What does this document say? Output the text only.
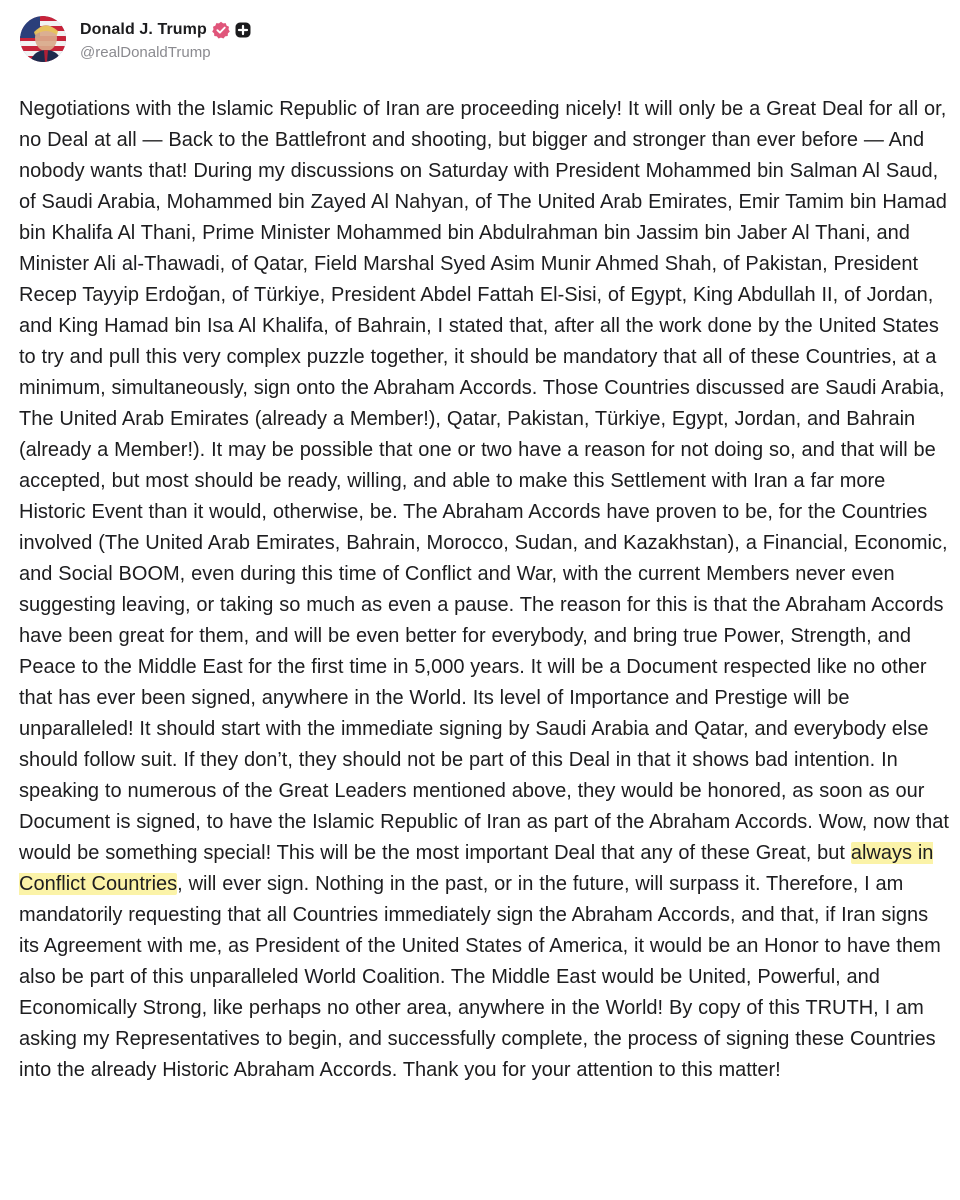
Donald J. Trump
@realDonaldTrump

Negotiations with the Islamic Republic of Iran are proceeding nicely! It will only be a Great Deal for all or, no Deal at all — Back to the Battlefront and shooting, but bigger and stronger than ever before — And nobody wants that! During my discussions on Saturday with President Mohammed bin Salman Al Saud, of Saudi Arabia, Mohammed bin Zayed Al Nahyan, of The United Arab Emirates, Emir Tamim bin Hamad bin Khalifa Al Thani, Prime Minister Mohammed bin Abdulrahman bin Jassim bin Jaber Al Thani, and Minister Ali al-Thawadi, of Qatar, Field Marshal Syed Asim Munir Ahmed Shah, of Pakistan, President Recep Tayyip Erdoğan, of Türkiye, President Abdel Fattah El-Sisi, of Egypt, King Abdullah II, of Jordan, and King Hamad bin Isa Al Khalifa, of Bahrain, I stated that, after all the work done by the United States to try and pull this very complex puzzle together, it should be mandatory that all of these Countries, at a minimum, simultaneously, sign onto the Abraham Accords. Those Countries discussed are Saudi Arabia, The United Arab Emirates (already a Member!), Qatar, Pakistan, Türkiye, Egypt, Jordan, and Bahrain (already a Member!). It may be possible that one or two have a reason for not doing so, and that will be accepted, but most should be ready, willing, and able to make this Settlement with Iran a far more Historic Event than it would, otherwise, be. The Abraham Accords have proven to be, for the Countries involved (The United Arab Emirates, Bahrain, Morocco, Sudan, and Kazakhstan), a Financial, Economic, and Social BOOM, even during this time of Conflict and War, with the current Members never even suggesting leaving, or taking so much as even a pause. The reason for this is that the Abraham Accords have been great for them, and will be even better for everybody, and bring true Power, Strength, and Peace to the Middle East for the first time in 5,000 years. It will be a Document respected like no other that has ever been signed, anywhere in the World. Its level of Importance and Prestige will be unparalleled! It should start with the immediate signing by Saudi Arabia and Qatar, and everybody else should follow suit. If they don’t, they should not be part of this Deal in that it shows bad intention. In speaking to numerous of the Great Leaders mentioned above, they would be honored, as soon as our Document is signed, to have the Islamic Republic of Iran as part of the Abraham Accords. Wow, now that would be something special! This will be the most important Deal that any of these Great, but always in Conflict Countries, will ever sign. Nothing in the past, or in the future, will surpass it. Therefore, I am mandatorily requesting that all Countries immediately sign the Abraham Accords, and that, if Iran signs its Agreement with me, as President of the United States of America, it would be an Honor to have them also be part of this unparalleled World Coalition. The Middle East would be United, Powerful, and Economically Strong, like perhaps no other area, anywhere in the World! By copy of this TRUTH, I am asking my Representatives to begin, and successfully complete, the process of signing these Countries into the already Historic Abraham Accords. Thank you for your attention to this matter!
